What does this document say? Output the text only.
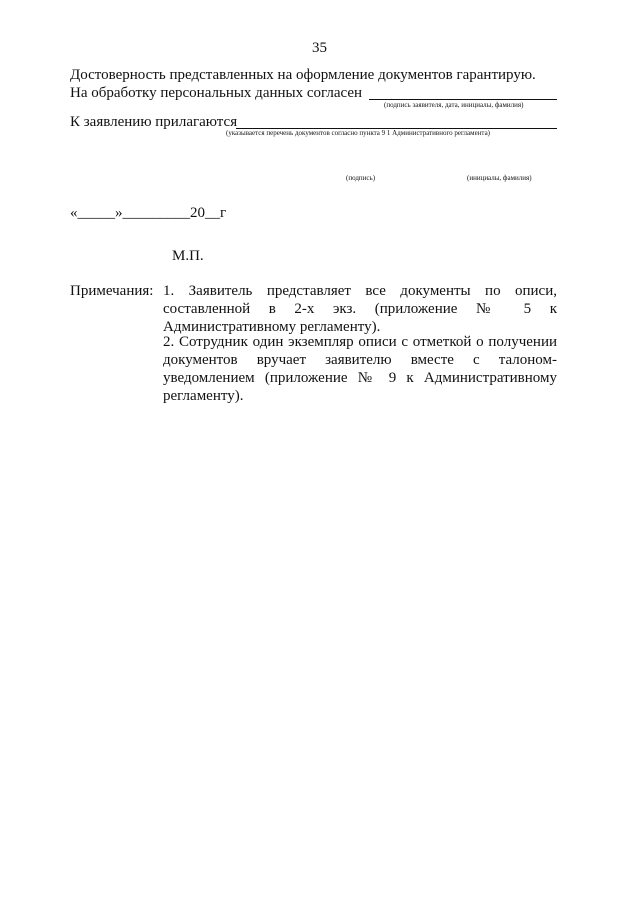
35
Достоверность представленных на оформление документов гарантирую.
На обработку персональных данных согласен
(подпись заявителя, дата, инициалы, фамилия)
К заявлению прилагаются
(указывается перечень документов согласно пункта 9 1 Административного регламента)
(подпись)	(инициалы, фамилия)
«_____»_________20__г
М.П.
Примечания: 1. Заявитель представляет все документы по описи,
составленной в 2-х экз. (приложение № 5 к
Административному регламенту).
2. Сотрудник один экземпляр описи с отметкой о получении
документов вручает заявителю вместе с талоном-
уведомлением (приложение № 9 к Административному
регламенту).
